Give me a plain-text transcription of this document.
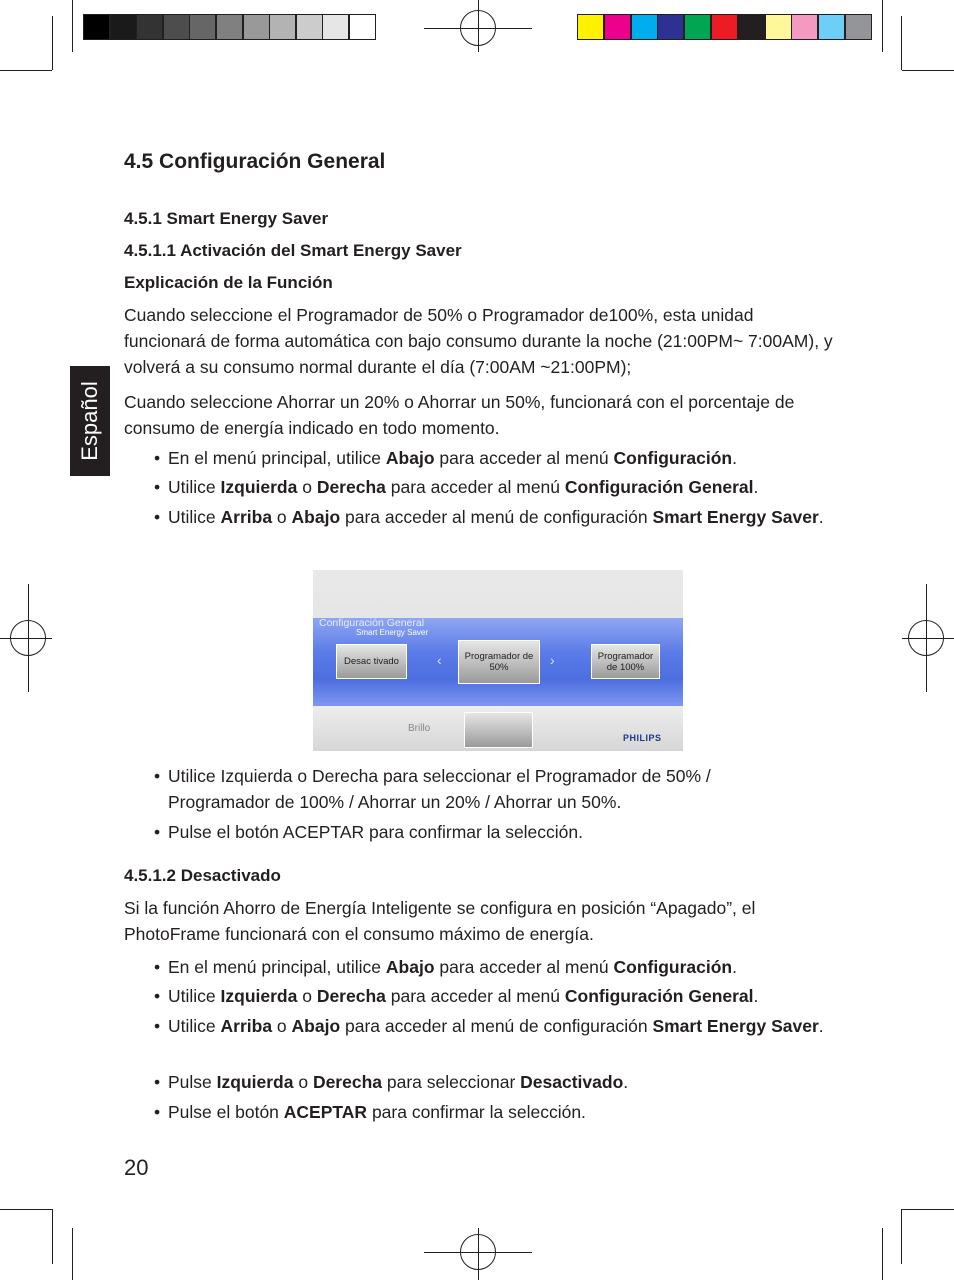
Español
4.5 Configuración General

4.5.1 Smart Energy Saver

4.5.1.1 Activación del Smart Energy Saver

Explicación de la Función

Cuando seleccione el Programador de 50% o Programador de100%, esta unidad funcionará de forma automática con bajo consumo durante la noche (21:00PM~ 7:00AM), y volverá a su consumo normal durante el día (7:00AM ~21:00PM);

Cuando seleccione Ahorrar un 20% o Ahorrar un 50%, funcionará con el porcentaje de consumo de energía indicado en todo momento.

• En el menú principal, utilice Abajo para acceder al menú Configuración.

• Utilice Izquierda o Derecha para acceder al menú Configuración General.

• Utilice Arriba o Abajo para acceder al menú de configuración Smart Energy Saver.

Configuración General
Smart Energy Saver
Desac tivado	‹	Programador de 50%	›	Programador de 100%
⌄
Brillo
PHILIPS

• Utilice Izquierda o Derecha para seleccionar el Programador de 50% / Programador de 100% / Ahorrar un 20% / Ahorrar un 50%.

• Pulse el botón ACEPTAR para confirmar la selección.

4.5.1.2 Desactivado

Si la función Ahorro de Energía Inteligente se configura en posición “Apagado”, el PhotoFrame funcionará con el consumo máximo de energía.

• En el menú principal, utilice Abajo para acceder al menú Configuración.

• Utilice Izquierda o Derecha para acceder al menú Configuración General.

• Utilice Arriba o Abajo para acceder al menú de configuración Smart Energy Saver.

• Pulse Izquierda o Derecha para seleccionar Desactivado.

• Pulse el botón ACEPTAR para confirmar la selección.

20
